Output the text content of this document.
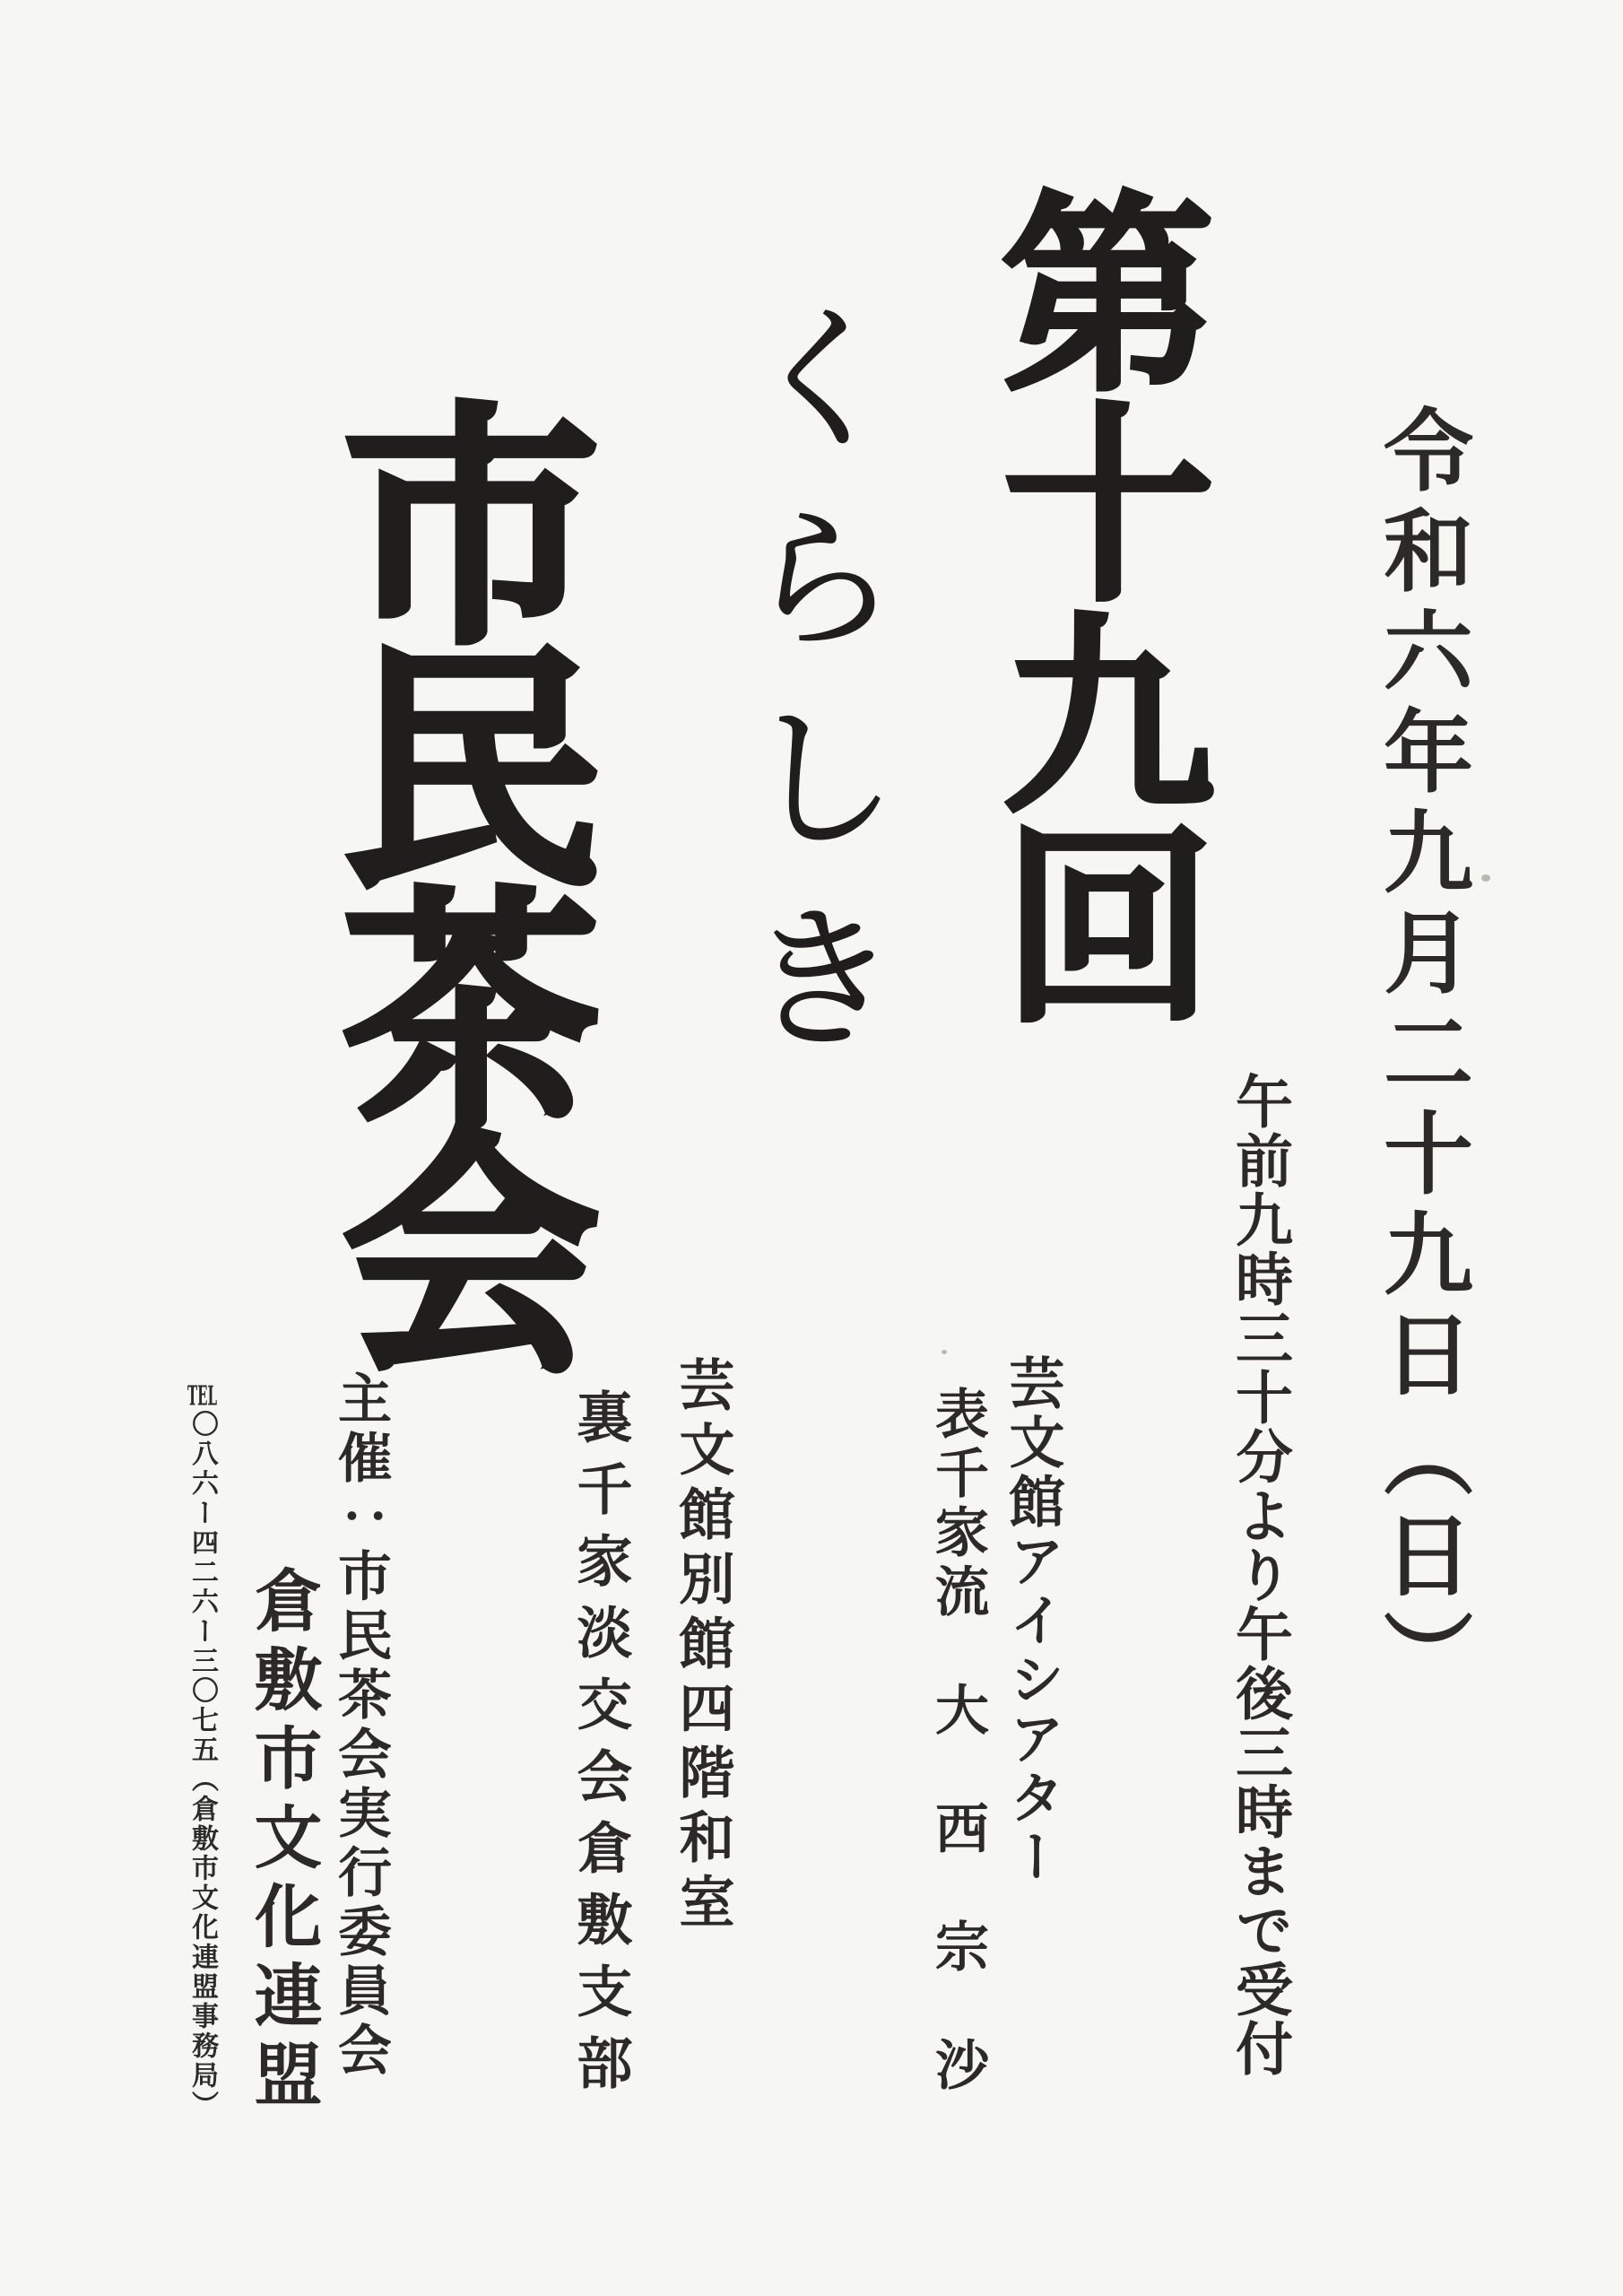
第十九回
くらしき
市民茶会	令和六年九月二十九日（日）
午前九時三十分より午後三時まで受付
芸文館アイシアター
表千家流　大　西　宗　沙
芸文館別館四階和室
裏千家淡交会倉敷支部
主催：市民茶会実行委員会
倉敷市文化連盟
TEL〇八六ー四二六ー三〇七五（倉敷市文化連盟事務局）
